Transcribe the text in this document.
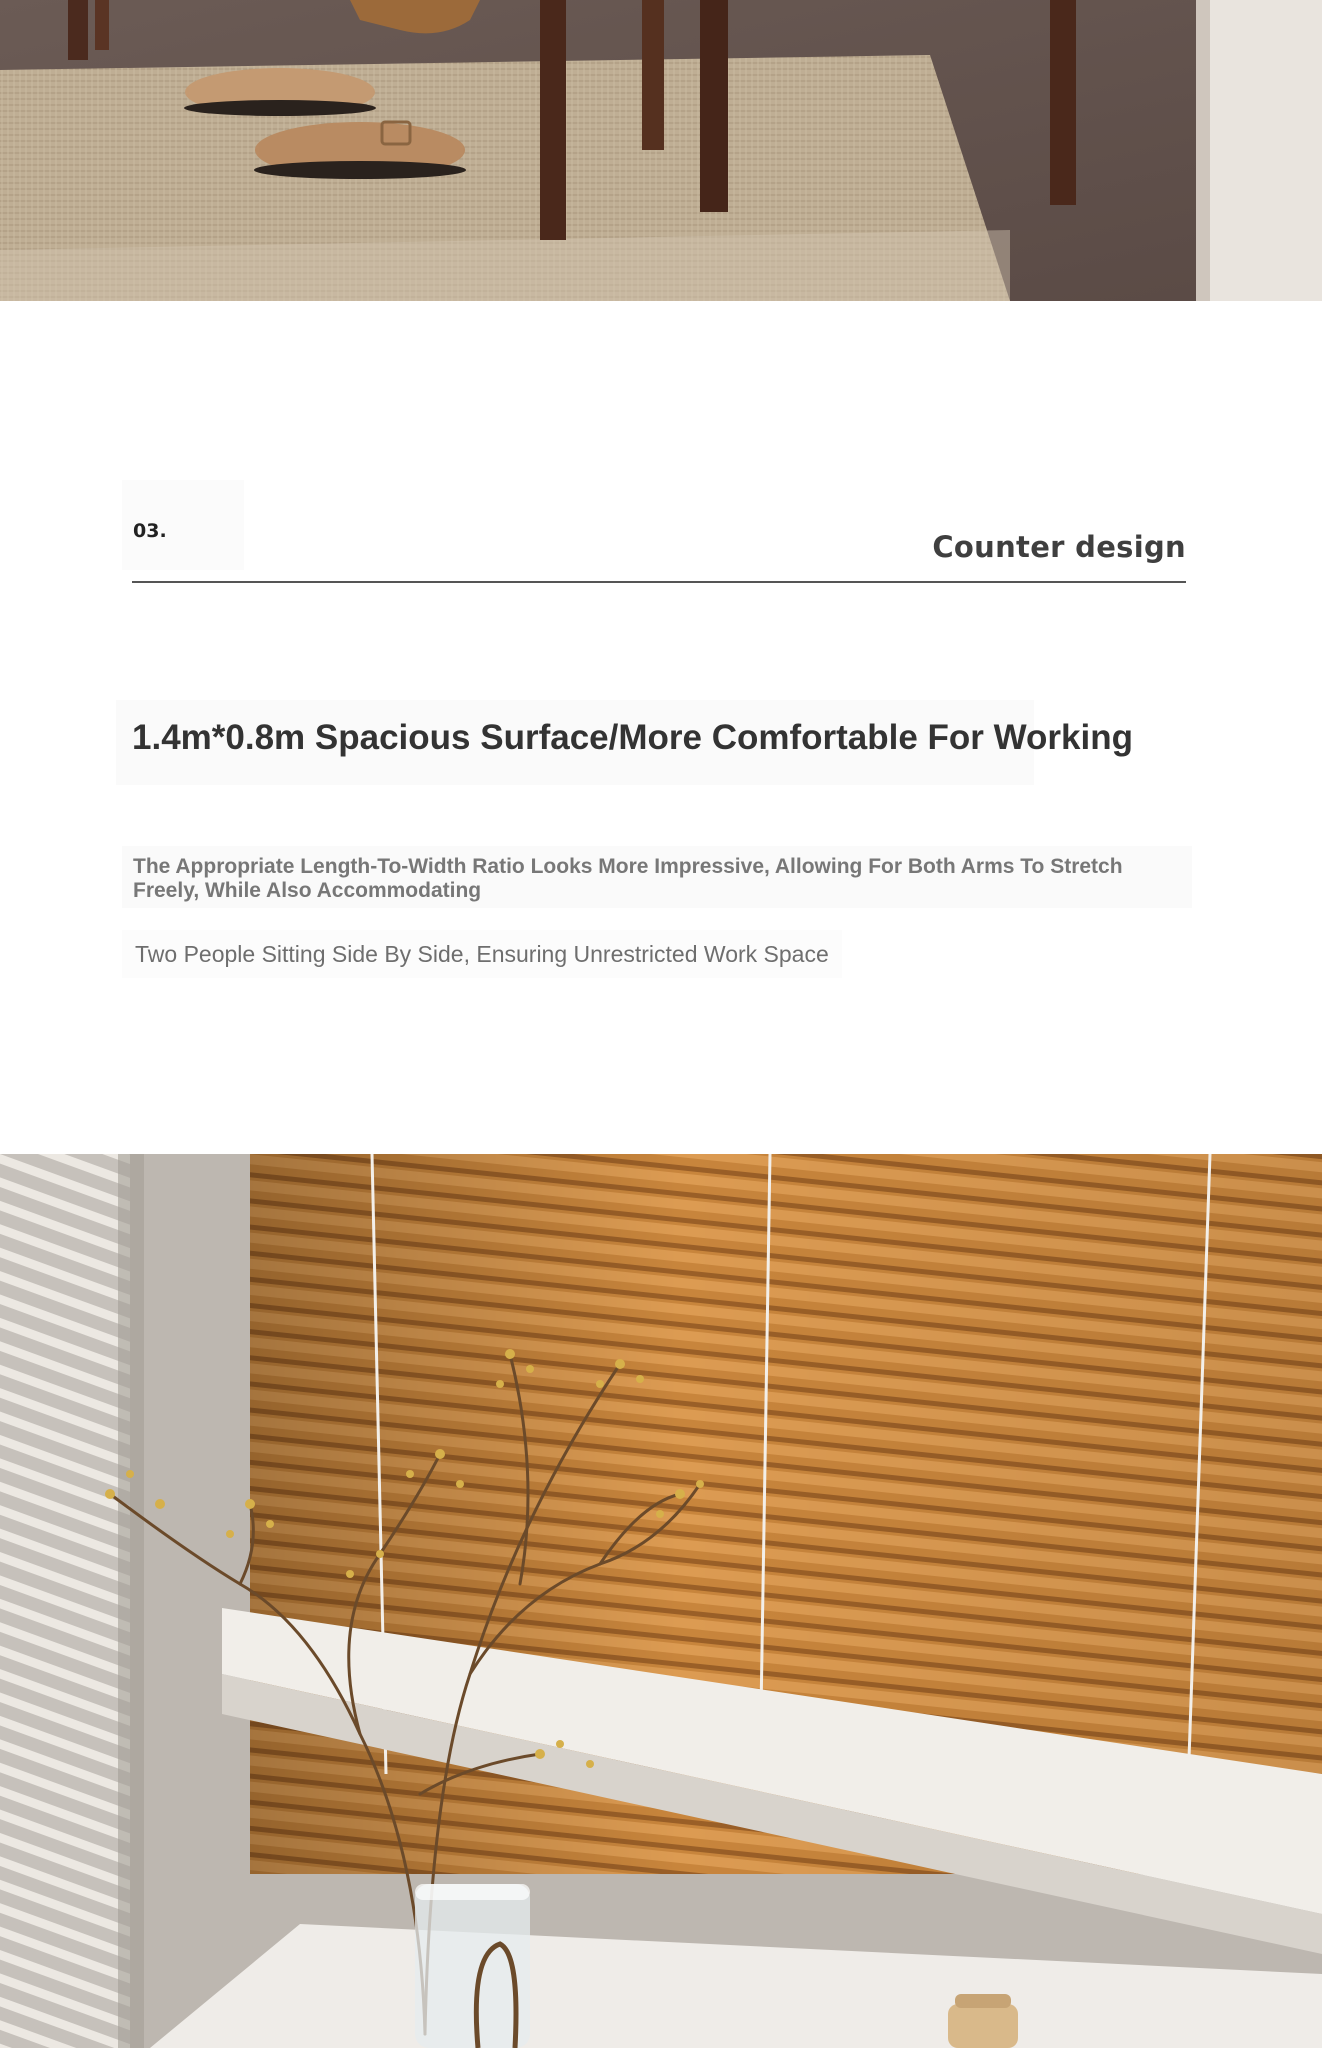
03.	Counter design
1.4m*0.8m Spacious Surface/More Comfortable For Working

The Appropriate Length-To-Width Ratio Looks More Impressive, Allowing For Both Arms To Stretch Freely, While Also Accommodating

Two People Sitting Side By Side, Ensuring Unrestricted Work Space
